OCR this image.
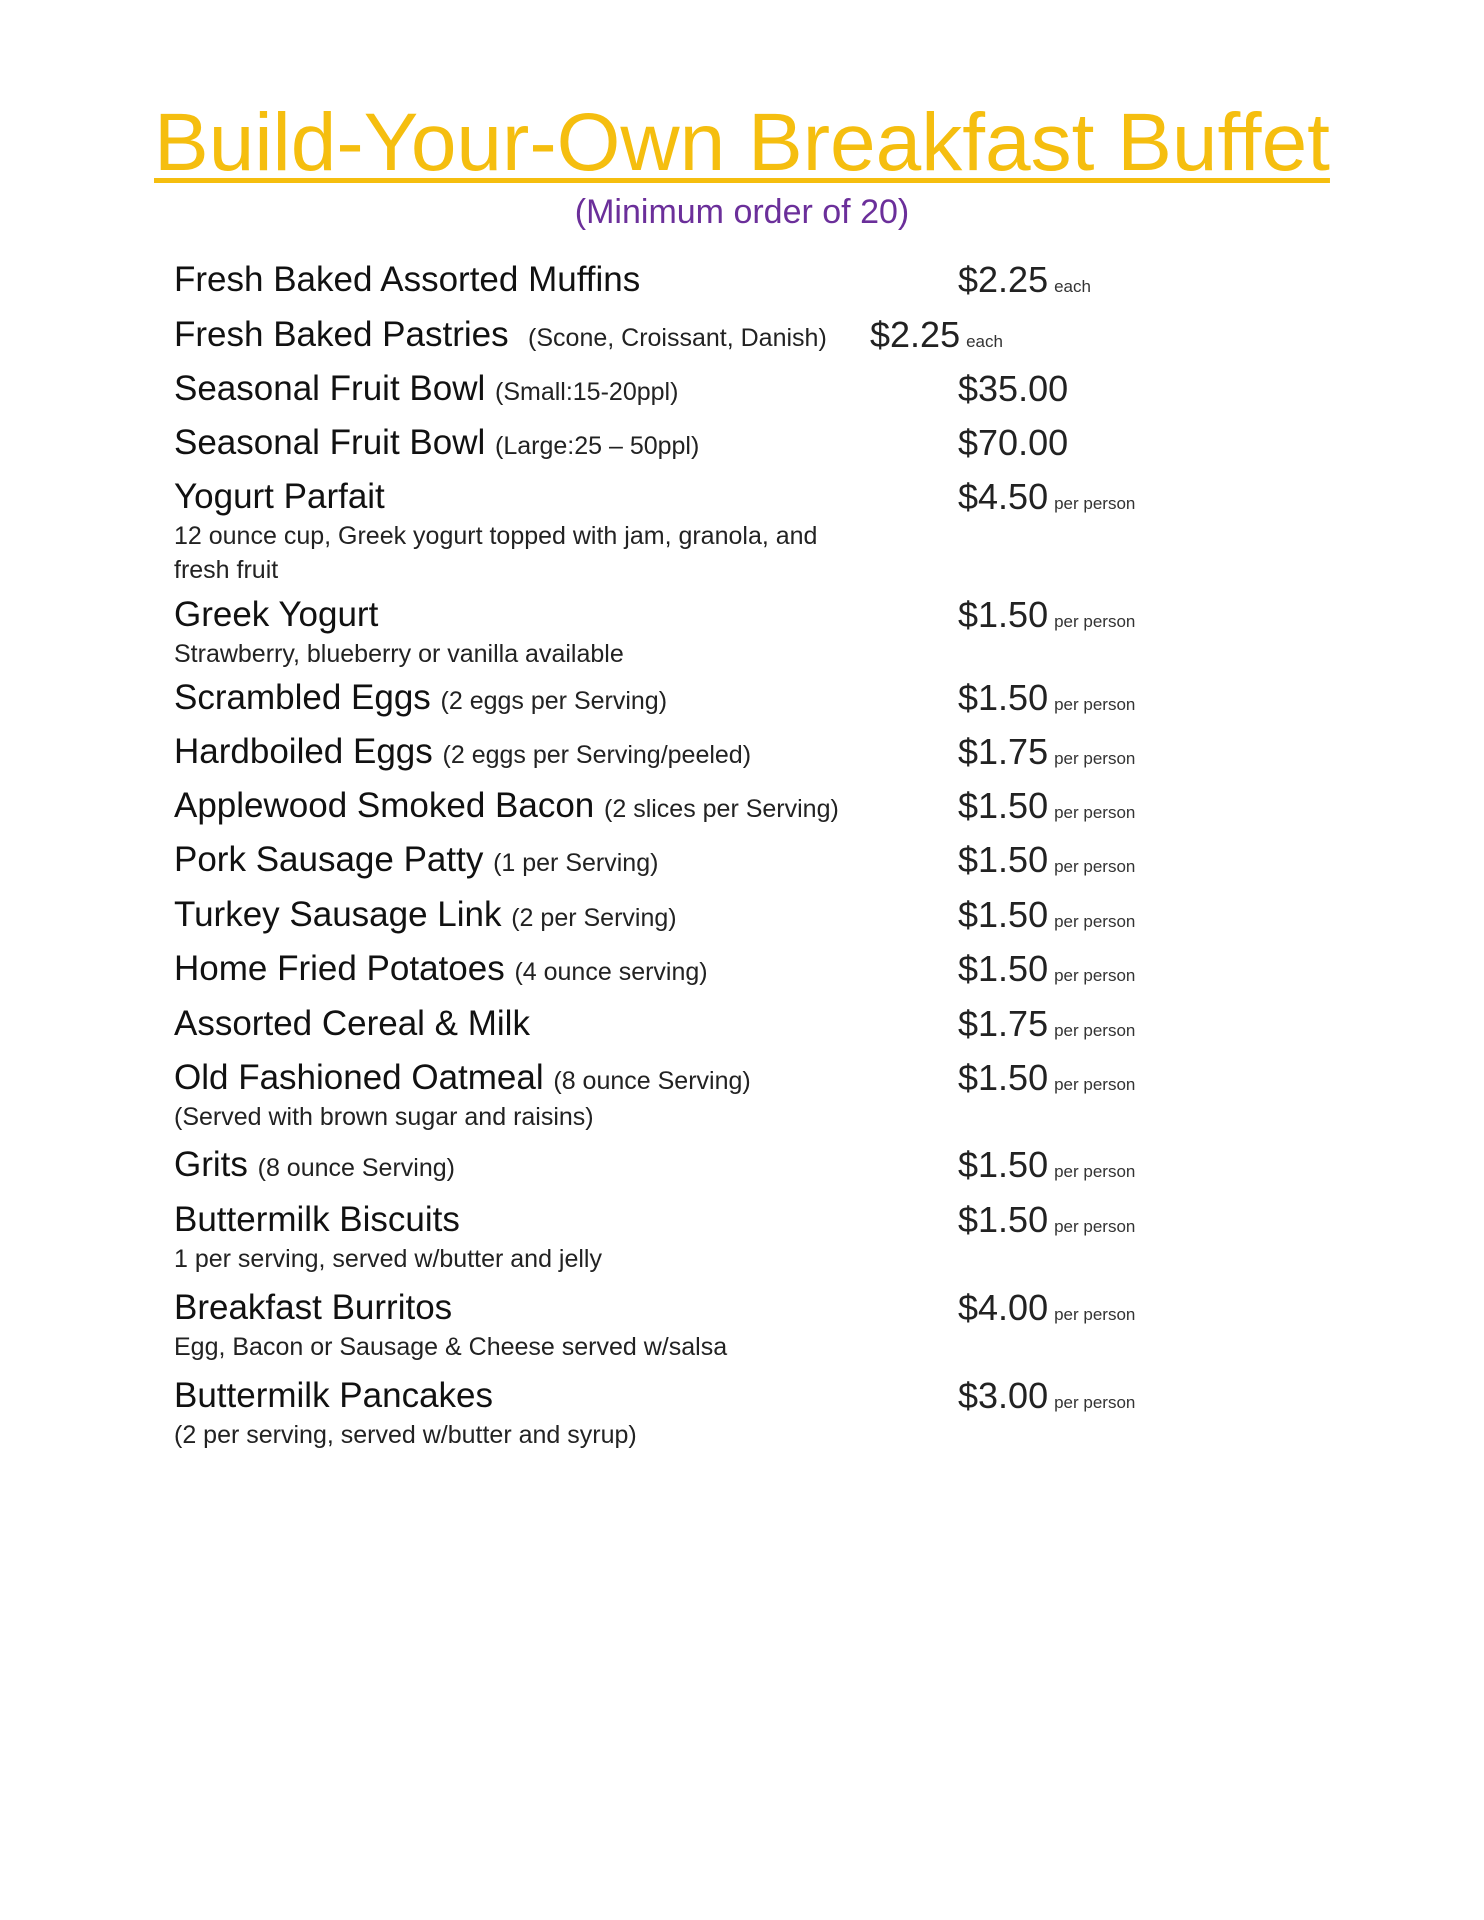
Build-Your-Own Breakfast Buffet
(Minimum order of 20)
Fresh Baked Assorted Muffins	$2.25 each
Fresh Baked Pastries (Scone, Croissant, Danish) $2.25 each
Seasonal Fruit Bowl (Small:15-20ppl)	$35.00
Seasonal Fruit Bowl (Large:25 – 50ppl)	$70.00
Yogurt Parfait	$4.50 per person
12 ounce cup, Greek yogurt topped with jam, granola, and fresh fruit
Greek Yogurt	$1.50 per person
Strawberry, blueberry or vanilla available
Scrambled Eggs (2 eggs per Serving)	$1.50 per person
Hardboiled Eggs (2 eggs per Serving/peeled)	$1.75 per person
Applewood Smoked Bacon (2 slices per Serving)	$1.50 per person
Pork Sausage Patty (1 per Serving)	$1.50 per person
Turkey Sausage Link (2 per Serving)	$1.50 per person
Home Fried Potatoes (4 ounce serving)	$1.50 per person
Assorted Cereal & Milk	$1.75 per person
Old Fashioned Oatmeal (8 ounce Serving)	$1.50 per person
(Served with brown sugar and raisins)
Grits (8 ounce Serving)	$1.50 per person
Buttermilk Biscuits	$1.50 per person
1 per serving, served w/butter and jelly
Breakfast Burritos	$4.00 per person
Egg, Bacon or Sausage & Cheese served w/salsa
Buttermilk Pancakes	$3.00 per person
(2 per serving, served w/butter and syrup)
